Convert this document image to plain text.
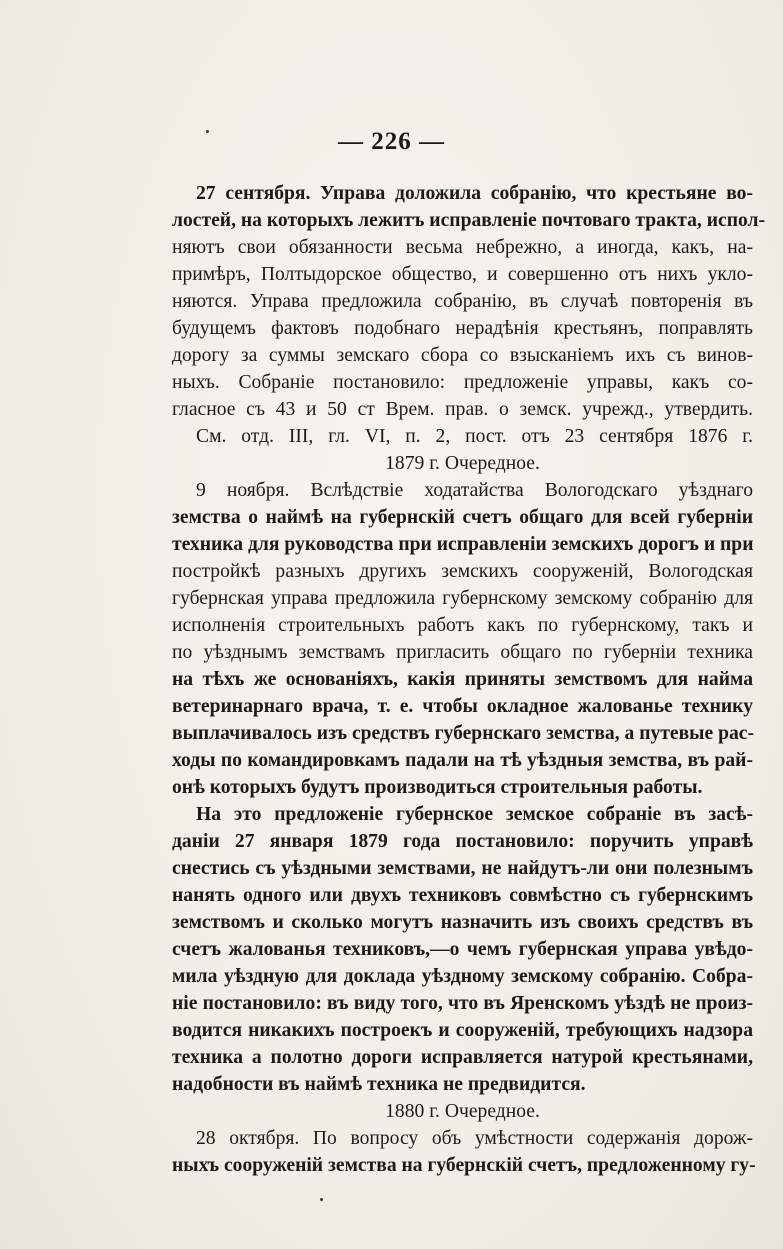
— 226 —
27 сентября. Управа доложила собранію, что крестьяне во-
лостей, на которыхъ лежитъ исправленіе почтоваго тракта, испол-
няютъ свои обязанности весьма небрежно, а иногда, какъ, на-
примѣръ, Полтыдорское общество, и совершенно отъ нихъ укло-
няются. Управа предложила собранію, въ случаѣ повторенія въ
будущемъ фактовъ подобнаго нерадѣнія крестьянъ, поправлять
дорогу за суммы земскаго сбора со взысканіемъ ихъ съ винов-
ныхъ. Собраніе постановило: предложеніе управы, какъ со-
гласное съ 43 и 50 ст Врем. прав. о земск. учрежд., утвердить.
См. отд. III, гл. VI, п. 2, пост. отъ 23 сентября 1876 г.
1879 г. Очередное.
9 ноября. Вслѣдствіе ходатайства Вологодскаго уѣзднаго
земства о наймѣ на губернскій счетъ общаго для всей губерніи
техника для руководства при исправленіи земскихъ дорогъ и при
постройкѣ разныхъ другихъ земскихъ сооруженій, Вологодская
губернская управа предложила губернскому земскому собранію для
исполненія строительныхъ работъ какъ по губернскому, такъ и
по уѣзднымъ земствамъ пригласить общаго по губерніи техника
на тѣхъ же основаніяхъ, какія приняты земствомъ для найма
ветеринарнаго врача, т. е. чтобы окладное жалованье технику
выплачивалось изъ средствъ губернскаго земства, а путевые рас-
ходы по командировкамъ падали на тѣ уѣздныя земства, въ рай-
онѣ которыхъ будутъ производиться строительныя работы.
На это предложеніе губернское земское собраніе въ засѣ-
даніи 27 января 1879 года постановило: поручить управѣ
снестись съ уѣздными земствами, не найдутъ-ли они полезнымъ
нанять одного или двухъ техниковъ совмѣстно съ губернскимъ
земствомъ и сколько могутъ назначить изъ своихъ средствъ въ
счетъ жалованья техниковъ,—о чемъ губернская управа увѣдо-
мила уѣздную для доклада уѣздному земскому собранію. Собра-
ніе постановило: въ виду того, что въ Яренскомъ уѣздѣ не произ-
водится никакихъ построекъ и сооруженій, требующихъ надзора
техника а полотно дороги исправляется натурой крестьянами,
надобности въ наймѣ техника не предвидится.
1880 г. Очередное.
28 октября. По вопросу объ умѣстности содержанія дорож-
ныхъ сооруженій земства на губернскій счетъ, предложенному гу-
